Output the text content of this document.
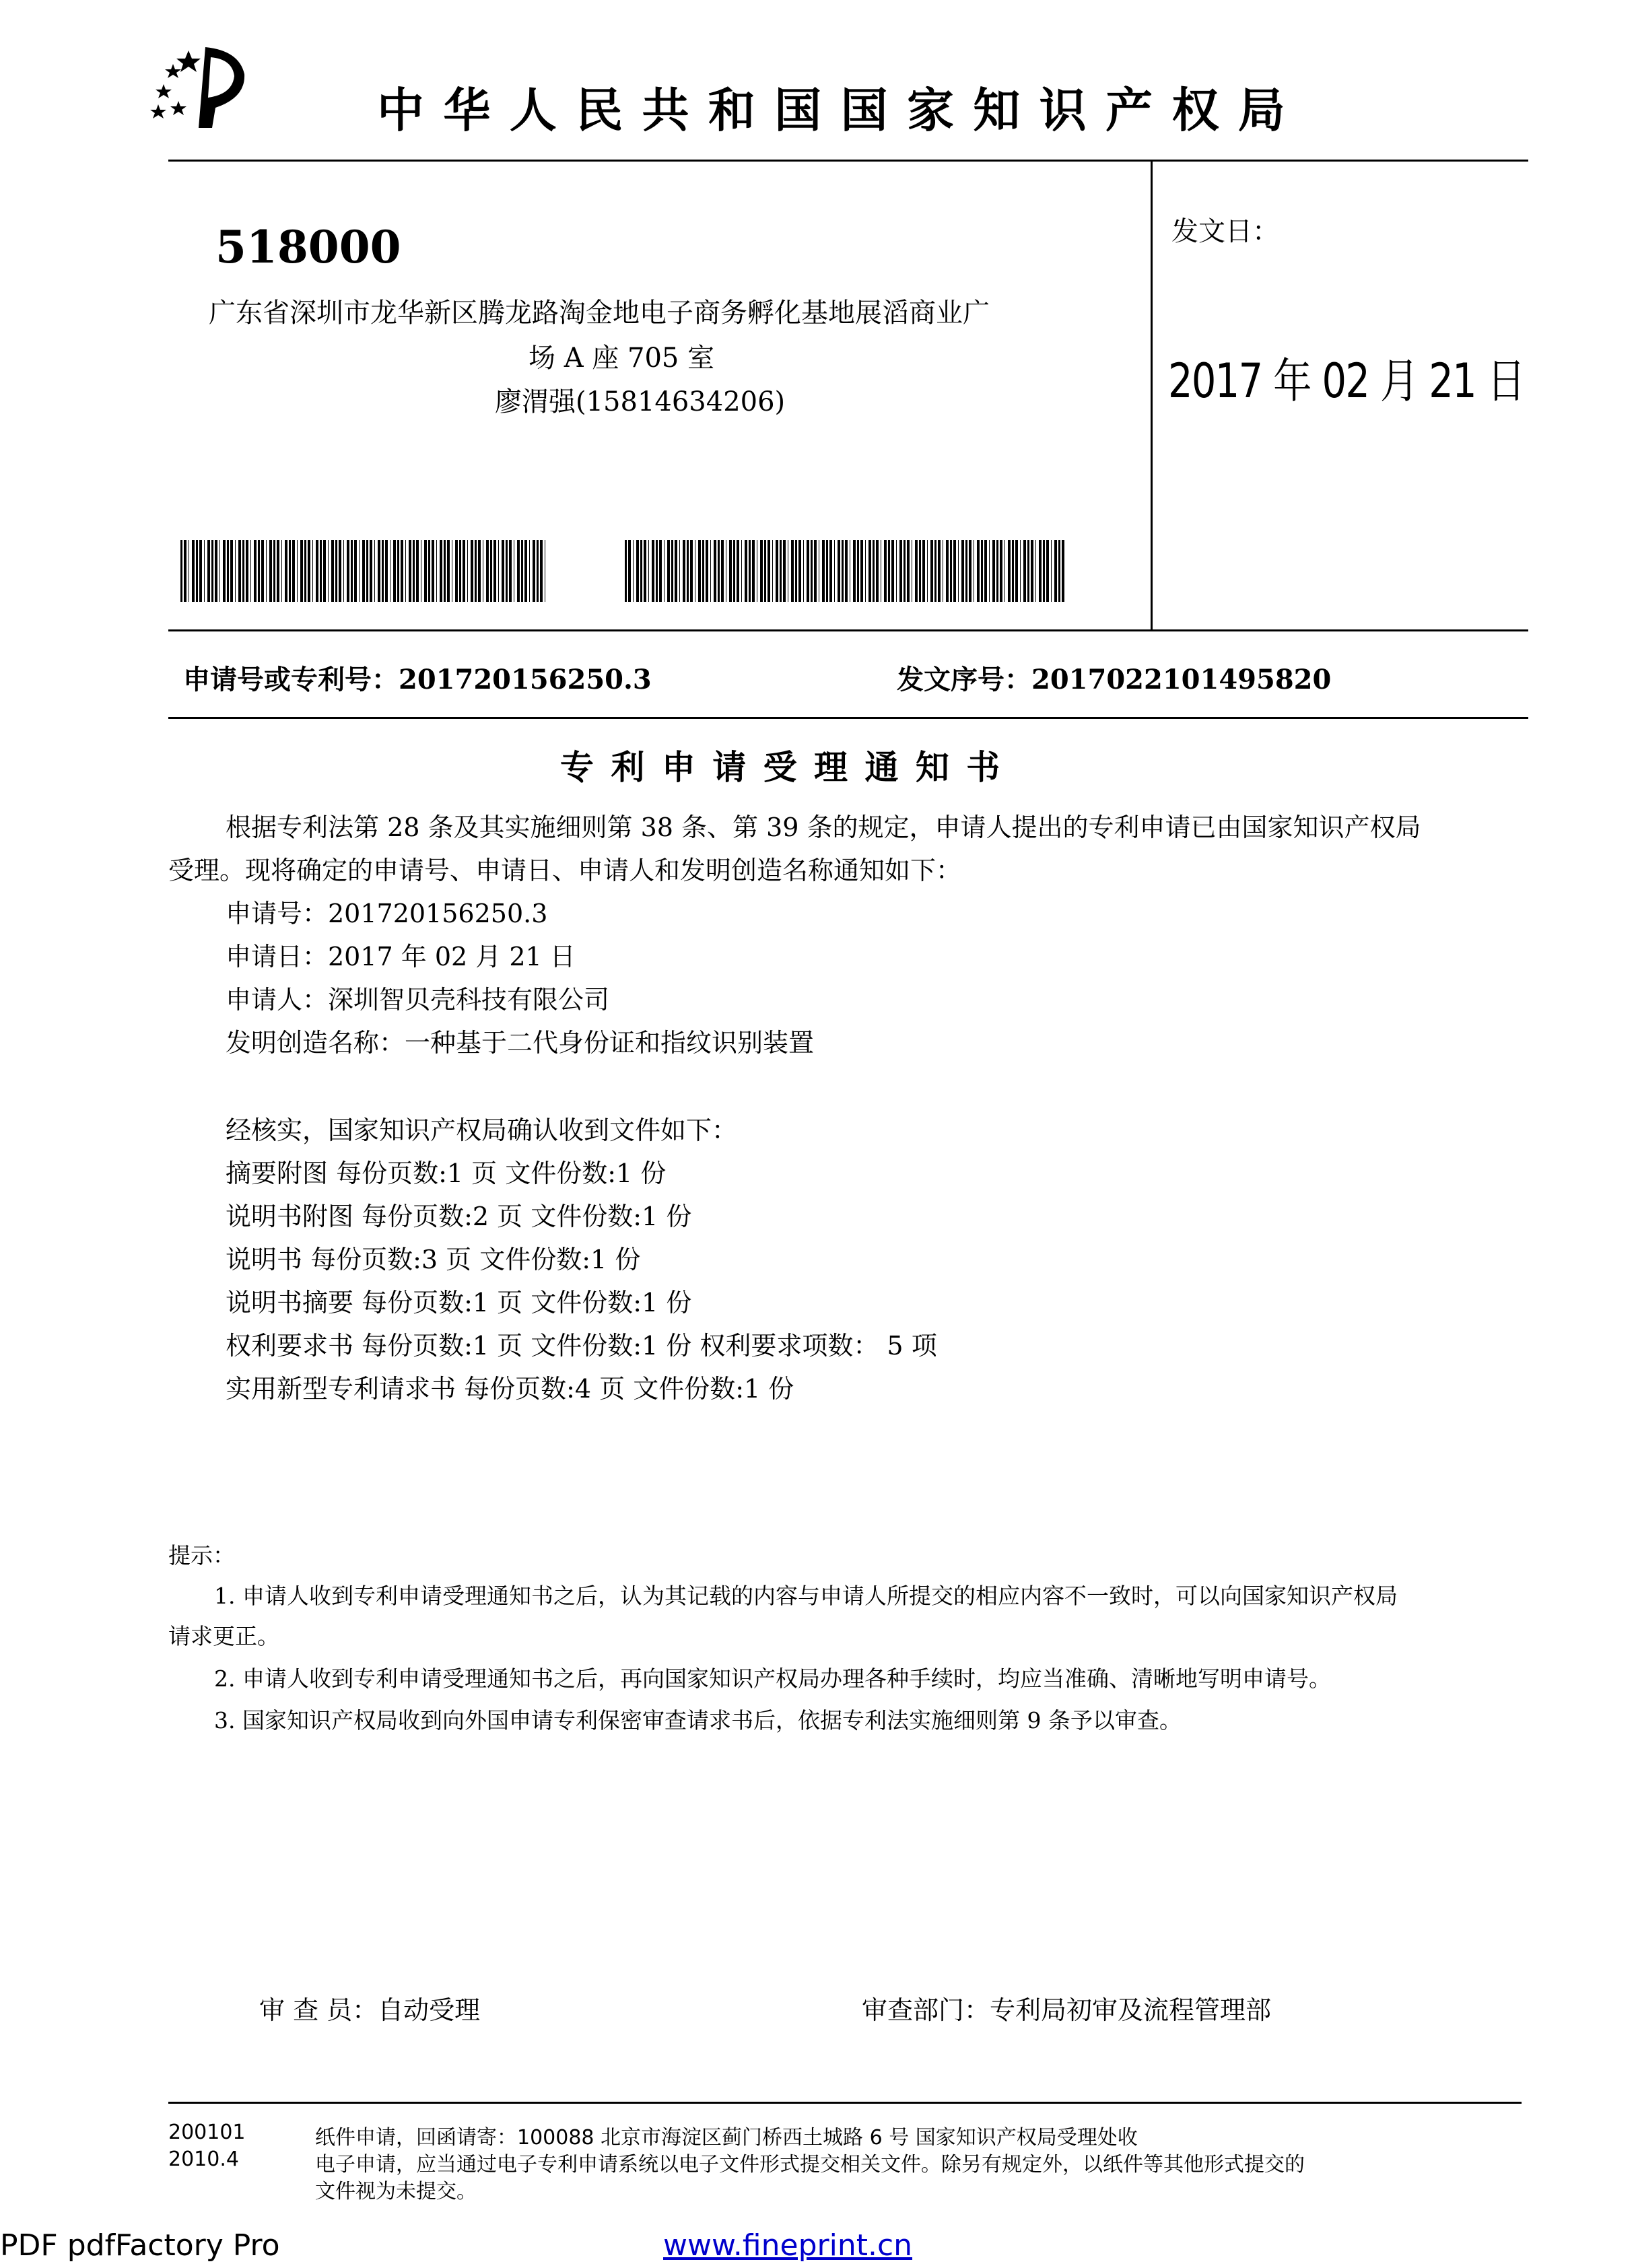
中 华 人 民 共 和 国 国 家 知 识 产 权 局
518000
广东省深圳市龙华新区腾龙路淘金地电子商务孵化基地展滔商业广
场 A 座 705 室
廖渭强(15814634206)
发文日：
2017 年 02 月 21 日
申请号或专利号：201720156250.3	发文序号：2017022101495820
专 利 申 请 受 理 通 知 书
根据专利法第 28 条及其实施细则第 38 条、第 39 条的规定，申请人提出的专利申请已由国家知识产权局
受理。现将确定的申请号、申请日、申请人和发明创造名称通知如下：
申请号：201720156250.3
申请日：2017 年 02 月 21 日
申请人：深圳智贝壳科技有限公司
发明创造名称：一种基于二代身份证和指纹识别装置
经核实，国家知识产权局确认收到文件如下：
摘要附图 每份页数:1 页 文件份数:1 份
说明书附图 每份页数:2 页 文件份数:1 份
说明书 每份页数:3 页 文件份数:1 份
说明书摘要 每份页数:1 页 文件份数:1 份
权利要求书 每份页数:1 页 文件份数:1 份 权利要求项数： 5 项
实用新型专利请求书 每份页数:4 页 文件份数:1 份
提示：
1. 申请人收到专利申请受理通知书之后，认为其记载的内容与申请人所提交的相应内容不一致时，可以向国家知识产权局
请求更正。
2. 申请人收到专利申请受理通知书之后，再向国家知识产权局办理各种手续时，均应当准确、清晰地写明申请号。
3. 国家知识产权局收到向外国申请专利保密审查请求书后，依据专利法实施细则第 9 条予以审查。
审 查 员：自动受理	审查部门：专利局初审及流程管理部
200101
2010.4
纸件申请，回函请寄：100088 北京市海淀区蓟门桥西土城路 6 号 国家知识产权局受理处收
电子申请，应当通过电子专利申请系统以电子文件形式提交相关文件。除另有规定外，以纸件等其他形式提交的
文件视为未提交。
PDF pdfFactory Pro	www.fineprint.cn
